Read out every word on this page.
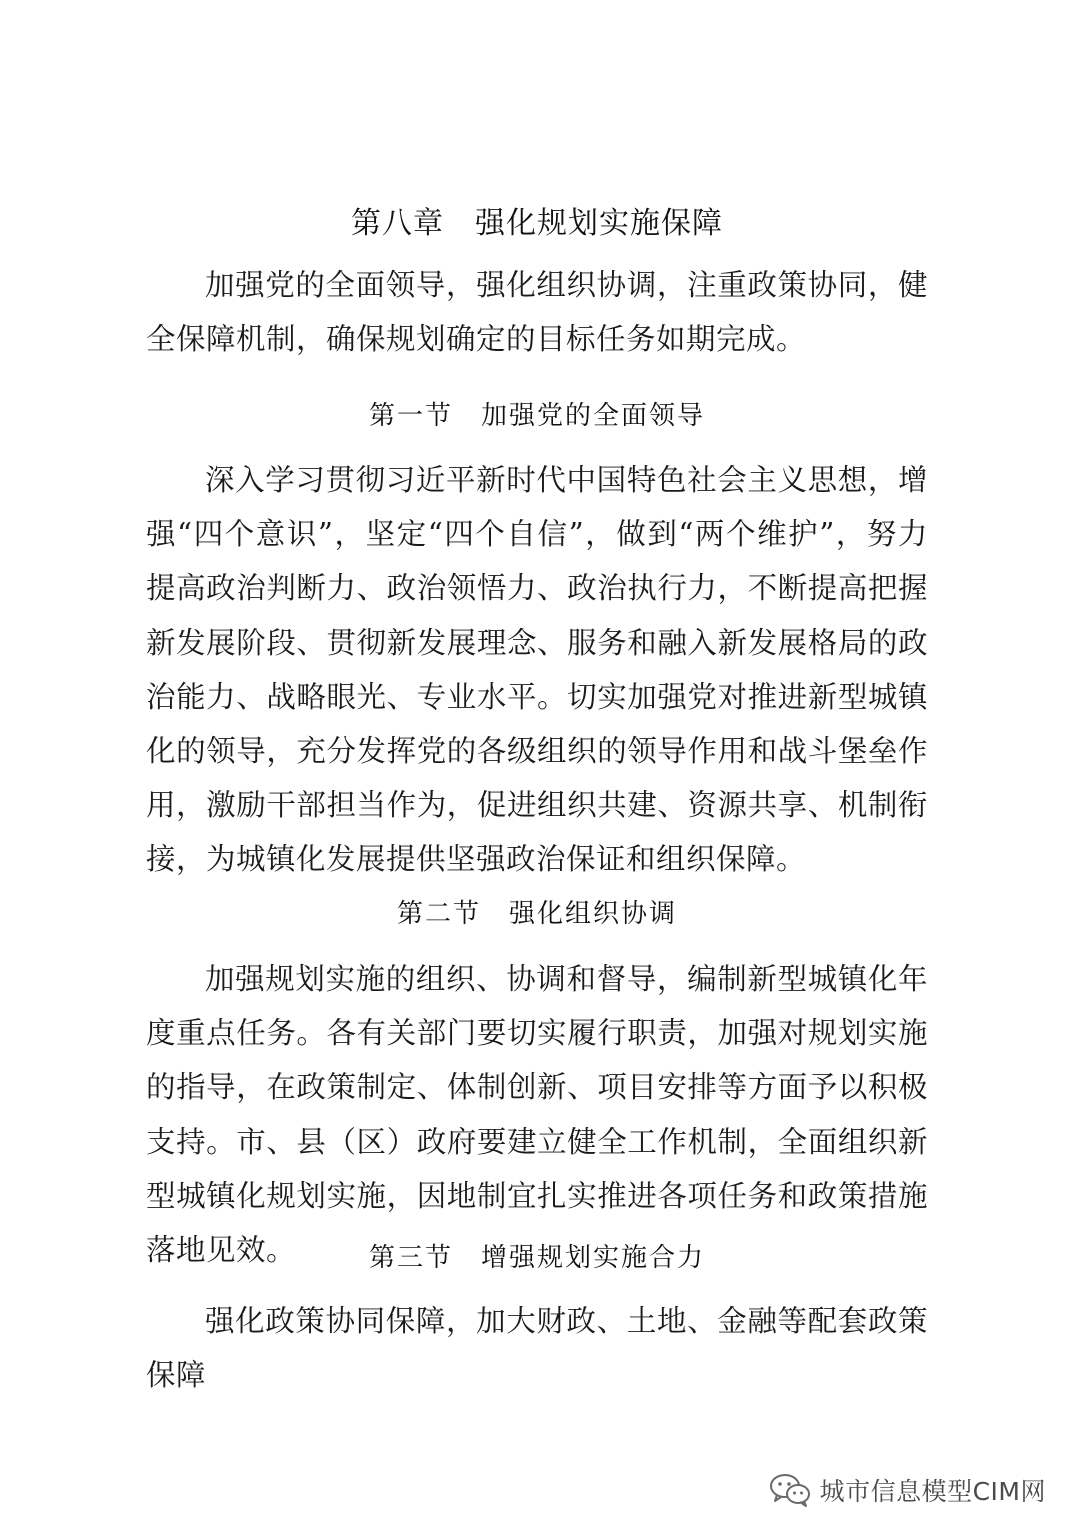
第八章　强化规划实施保障

加强党的全面领导，强化组织协调，注重政策协同，健全保障机制，确保规划确定的目标任务如期完成。

第一节　加强党的全面领导

深入学习贯彻习近平新时代中国特色社会主义思想，增强“四个意识”，坚定“四个自信”，做到“两个维护”，努力提高政治判断力、政治领悟力、政治执行力，不断提高把握新发展阶段、贯彻新发展理念、服务和融入新发展格局的政治能力、战略眼光、专业水平。切实加强党对推进新型城镇化的领导，充分发挥党的各级组织的领导作用和战斗堡垒作用，激励干部担当作为，促进组织共建、资源共享、机制衔接，为城镇化发展提供坚强政治保证和组织保障。

第二节　强化组织协调

加强规划实施的组织、协调和督导，编制新型城镇化年度重点任务。各有关部门要切实履行职责，加强对规划实施的指导，在政策制定、体制创新、项目安排等方面予以积极支持。市、县（区）政府要建立健全工作机制，全面组织新型城镇化规划实施，因地制宜扎实推进各项任务和政策措施落地见效。	第三节　增强规划实施合力

强化政策协同保障，加大财政、土地、金融等配套政策保障

城市信息模型CIM网
